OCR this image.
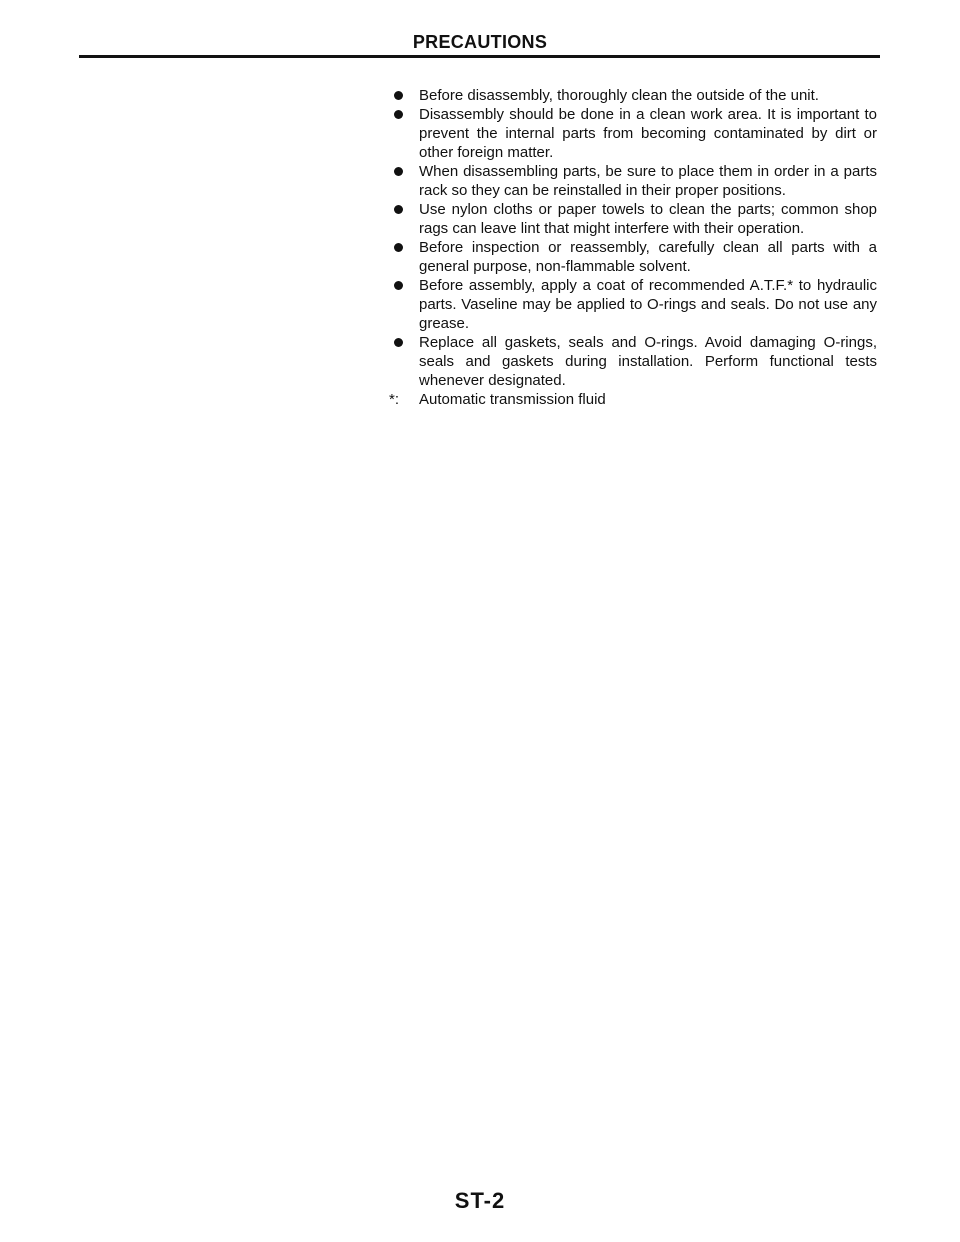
PRECAUTIONS
Before disassembly, thoroughly clean the outside of the unit.
Disassembly should be done in a clean work area. It is important to prevent the internal parts from becoming contaminated by dirt or other foreign matter.
When disassembling parts, be sure to place them in order in a parts rack so they can be reinstalled in their proper positions.
Use nylon cloths or paper towels to clean the parts; common shop rags can leave lint that might interfere with their operation.
Before inspection or reassembly, carefully clean all parts with a general purpose, non-flammable solvent.
Before assembly, apply a coat of recommended A.T.F.* to hydraulic parts. Vaseline may be applied to O-rings and seals. Do not use any grease.
Replace all gaskets, seals and O-rings. Avoid damaging O-rings, seals and gaskets during installation. Perform functional tests whenever designated.
*: Automatic transmission fluid
ST-2
